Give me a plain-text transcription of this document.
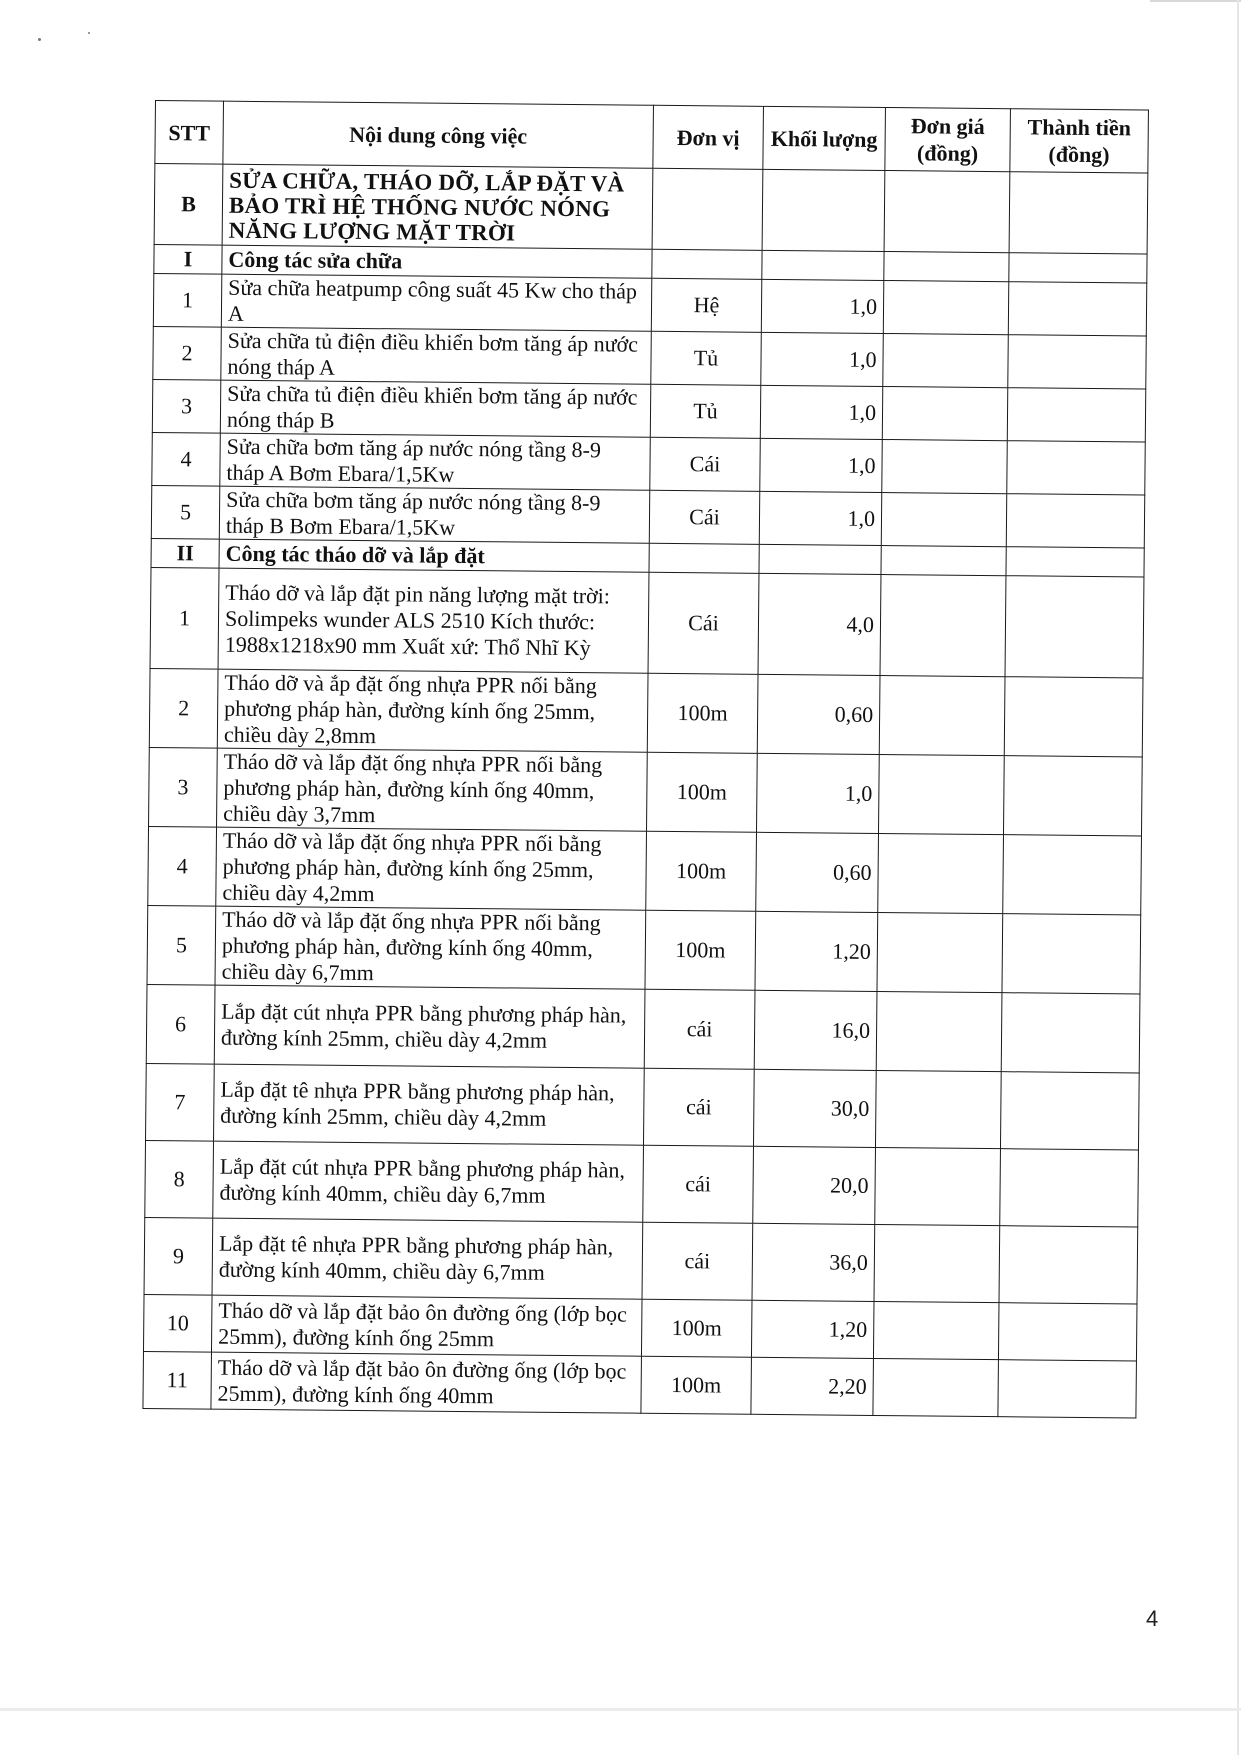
STT	Nội dung công việc	Đơn vị	Khối lượng	Đơn giá (đồng)	Thành tiền (đồng)
B	SỬA CHỮA, THÁO DỠ, LẮP ĐẶT VÀ BẢO TRÌ HỆ THỐNG NƯỚC NÓNG NĂNG LƯỢNG MẶT TRỜI				
I	Công tác sửa chữa				
1	Sửa chữa heatpump công suất 45 Kw cho tháp A	Hệ	1,0		
2	Sửa chữa tủ điện điều khiển bơm tăng áp nước nóng tháp A	Tủ	1,0		
3	Sửa chữa tủ điện điều khiển bơm tăng áp nước nóng tháp B	Tủ	1,0		
4	Sửa chữa bơm tăng áp nước nóng tầng 8-9 tháp A Bơm Ebara/1,5Kw	Cái	1,0		
5	Sửa chữa bơm tăng áp nước nóng tầng 8-9 tháp B Bơm Ebara/1,5Kw	Cái	1,0		
II	Công tác tháo dỡ và lắp đặt				
1	Tháo dỡ và lắp đặt pin năng lượng mặt trời: Solimpeks wunder ALS 2510 Kích thước: 1988x1218x90 mm Xuất xứ: Thổ Nhĩ Kỳ	Cái	4,0		
2	Tháo dỡ và ắp đặt ống nhựa PPR nối bằng phương pháp hàn, đường kính ống 25mm, chiều dày 2,8mm	100m	0,60		
3	Tháo dỡ và lắp đặt ống nhựa PPR nối bằng phương pháp hàn, đường kính ống 40mm, chiều dày 3,7mm	100m	1,0		
4	Tháo dỡ và lắp đặt ống nhựa PPR nối bằng phương pháp hàn, đường kính ống 25mm, chiều dày 4,2mm	100m	0,60		
5	Tháo dỡ và lắp đặt ống nhựa PPR nối bằng phương pháp hàn, đường kính ống 40mm, chiều dày 6,7mm	100m	1,20		
6	Lắp đặt cút nhựa PPR bằng phương pháp hàn, đường kính 25mm, chiều dày 4,2mm	cái	16,0		
7	Lắp đặt tê nhựa PPR bằng phương pháp hàn, đường kính 25mm, chiều dày 4,2mm	cái	30,0		
8	Lắp đặt cút nhựa PPR bằng phương pháp hàn, đường kính 40mm, chiều dày 6,7mm	cái	20,0		
9	Lắp đặt tê nhựa PPR bằng phương pháp hàn, đường kính 40mm, chiều dày 6,7mm	cái	36,0		
10	Tháo dỡ và lắp đặt bảo ôn đường ống (lớp bọc 25mm), đường kính ống 25mm	100m	1,20		
11	Tháo dỡ và lắp đặt bảo ôn đường ống (lớp bọc 25mm), đường kính ống 40mm	100m	2,20		
4
